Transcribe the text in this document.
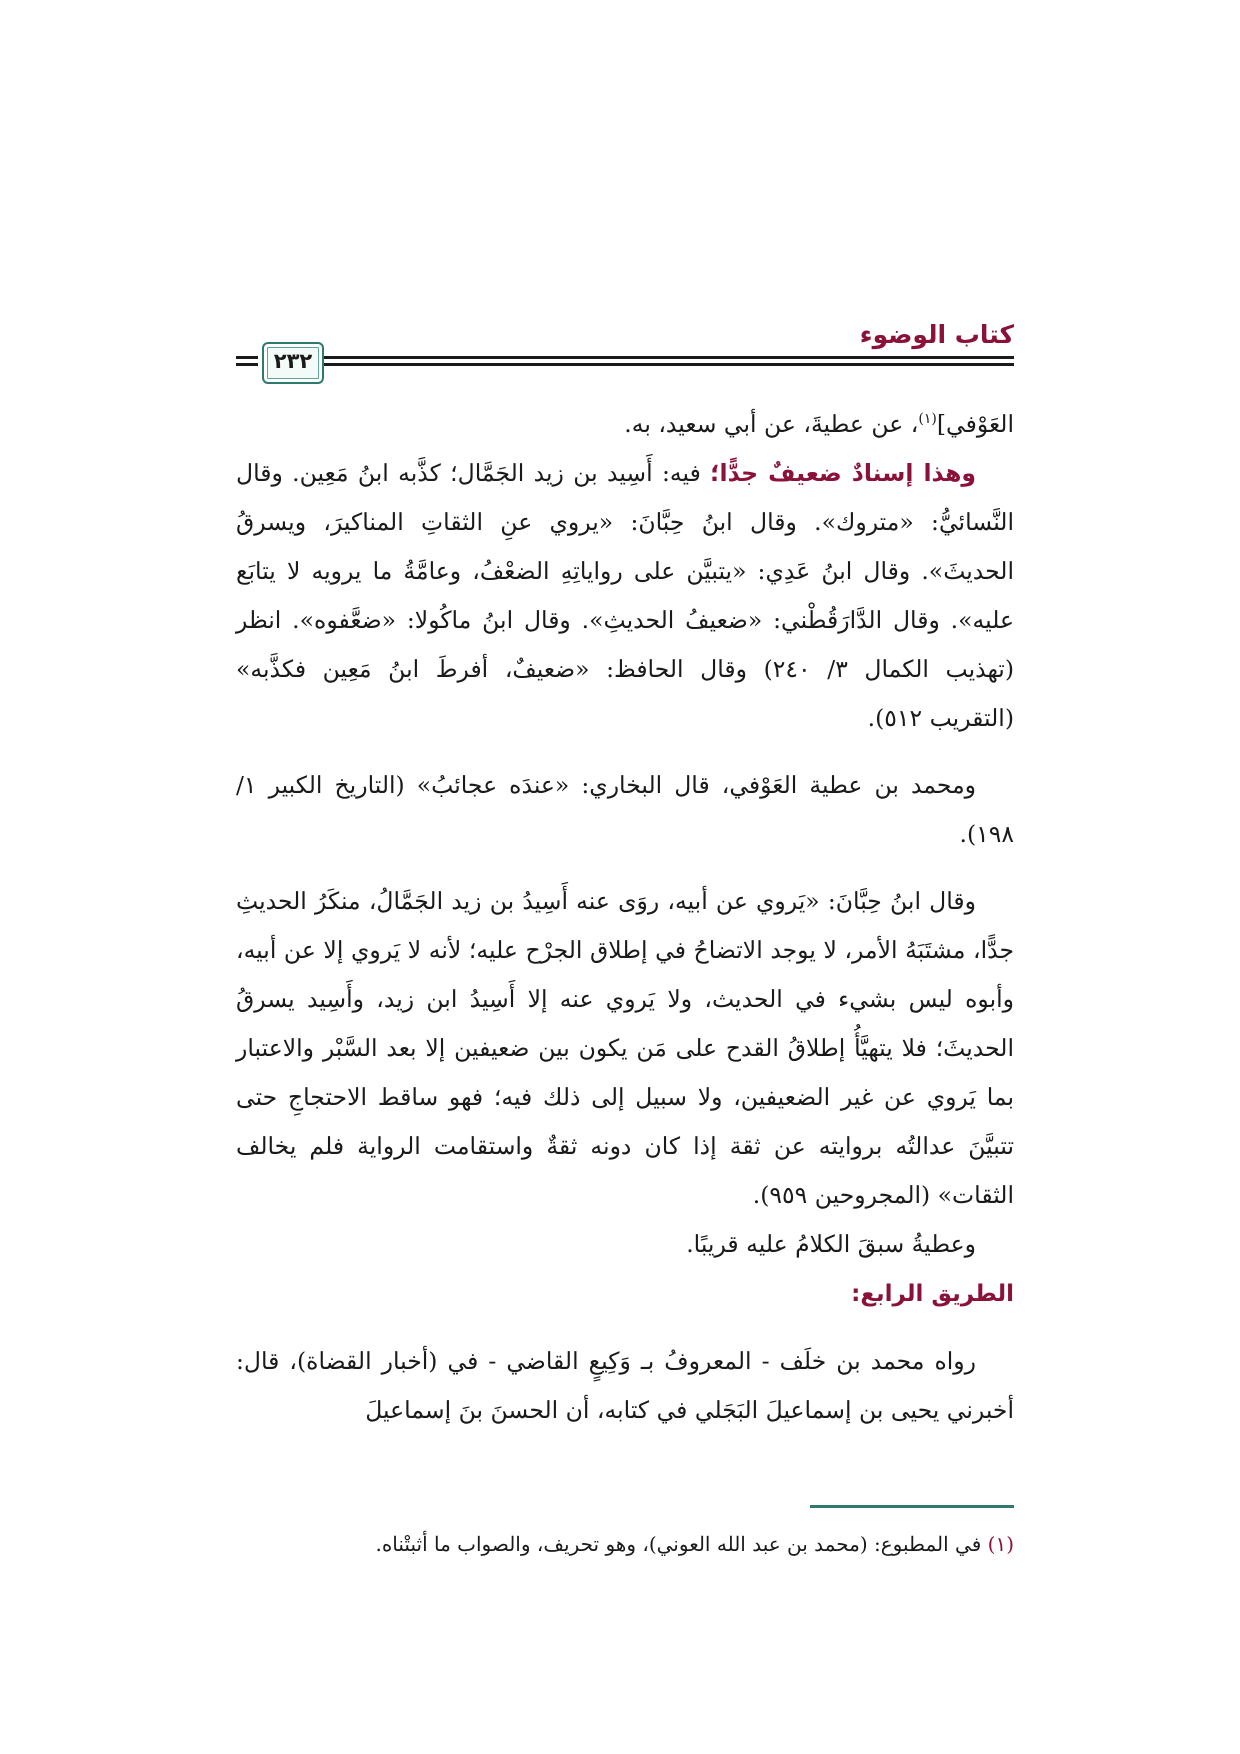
كتاب الوضوء
٢٣٢

العَوْفي]$^{(١)}$، عن عطيةَ، عن أبي سعيد، به.

وهذا إسنادٌ ضعيفٌ جدًّا؛ فيه: أَسِيد بن زيد الجَمَّال؛ كذَّبه ابنُ مَعِين. وقال النَّسائيُّ: «متروك». وقال ابنُ حِبَّانَ: «يروي عنِ الثقاتِ المناكيرَ، ويسرقُ الحديثَ». وقال ابنُ عَدِي: «يتبيَّن على رواياتِهِ الضعْفُ، وعامَّةُ ما يرويه لا يتابَع عليه». وقال الدَّارَقُطْني: «ضعيفُ الحديثِ». وقال ابنُ ماكُولا: «ضعَّفوه». انظر (تهذيب الكمال ٣/ ٢٤٠) وقال الحافظ: «ضعيفٌ، أفرطَ ابنُ مَعِين فكذَّبه» (التقريب ٥١٢).

ومحمد بن عطية العَوْفي، قال البخاري: «عندَه عجائبُ» (التاريخ الكبير ١/ ١٩٨).

وقال ابنُ حِبَّانَ: «يَروي عن أبيه، روَى عنه أَسِيدُ بن زيد الجَمَّالُ، منكَرُ الحديثِ جدًّا، مشتَبَهُ الأمر، لا يوجد الاتضاحُ في إطلاق الجرْح عليه؛ لأنه لا يَروي إلا عن أبيه، وأبوه ليس بشيء في الحديث، ولا يَروي عنه إلا أَسِيدُ ابن زيد، وأَسِيد يسرقُ الحديثَ؛ فلا يتهيَّأُ إطلاقُ القدح على مَن يكون بين ضعيفين إلا بعد السَّبْر والاعتبار بما يَروي عن غير الضعيفين، ولا سبيل إلى ذلك فيه؛ فهو ساقط الاحتجاجِ حتى تتبيَّنَ عدالتُه بروايته عن ثقة إذا كان دونه ثقةٌ واستقامت الرواية فلم يخالف الثقات» (المجروحين ٩٥٩).

وعطيةُ سبقَ الكلامُ عليه قريبًا.

الطريق الرابع:

رواه محمد بن خلَف - المعروفُ بـ وَكِيعٍ القاضي - في (أخبار القضاة)، قال: أخبرني يحيى بن إسماعيلَ البَجَلي في كتابه، أن الحسنَ بنَ إسماعيلَ

(١) في المطبوع: (محمد بن عبد الله العوني)، وهو تحريف، والصواب ما أثبتْناه.
